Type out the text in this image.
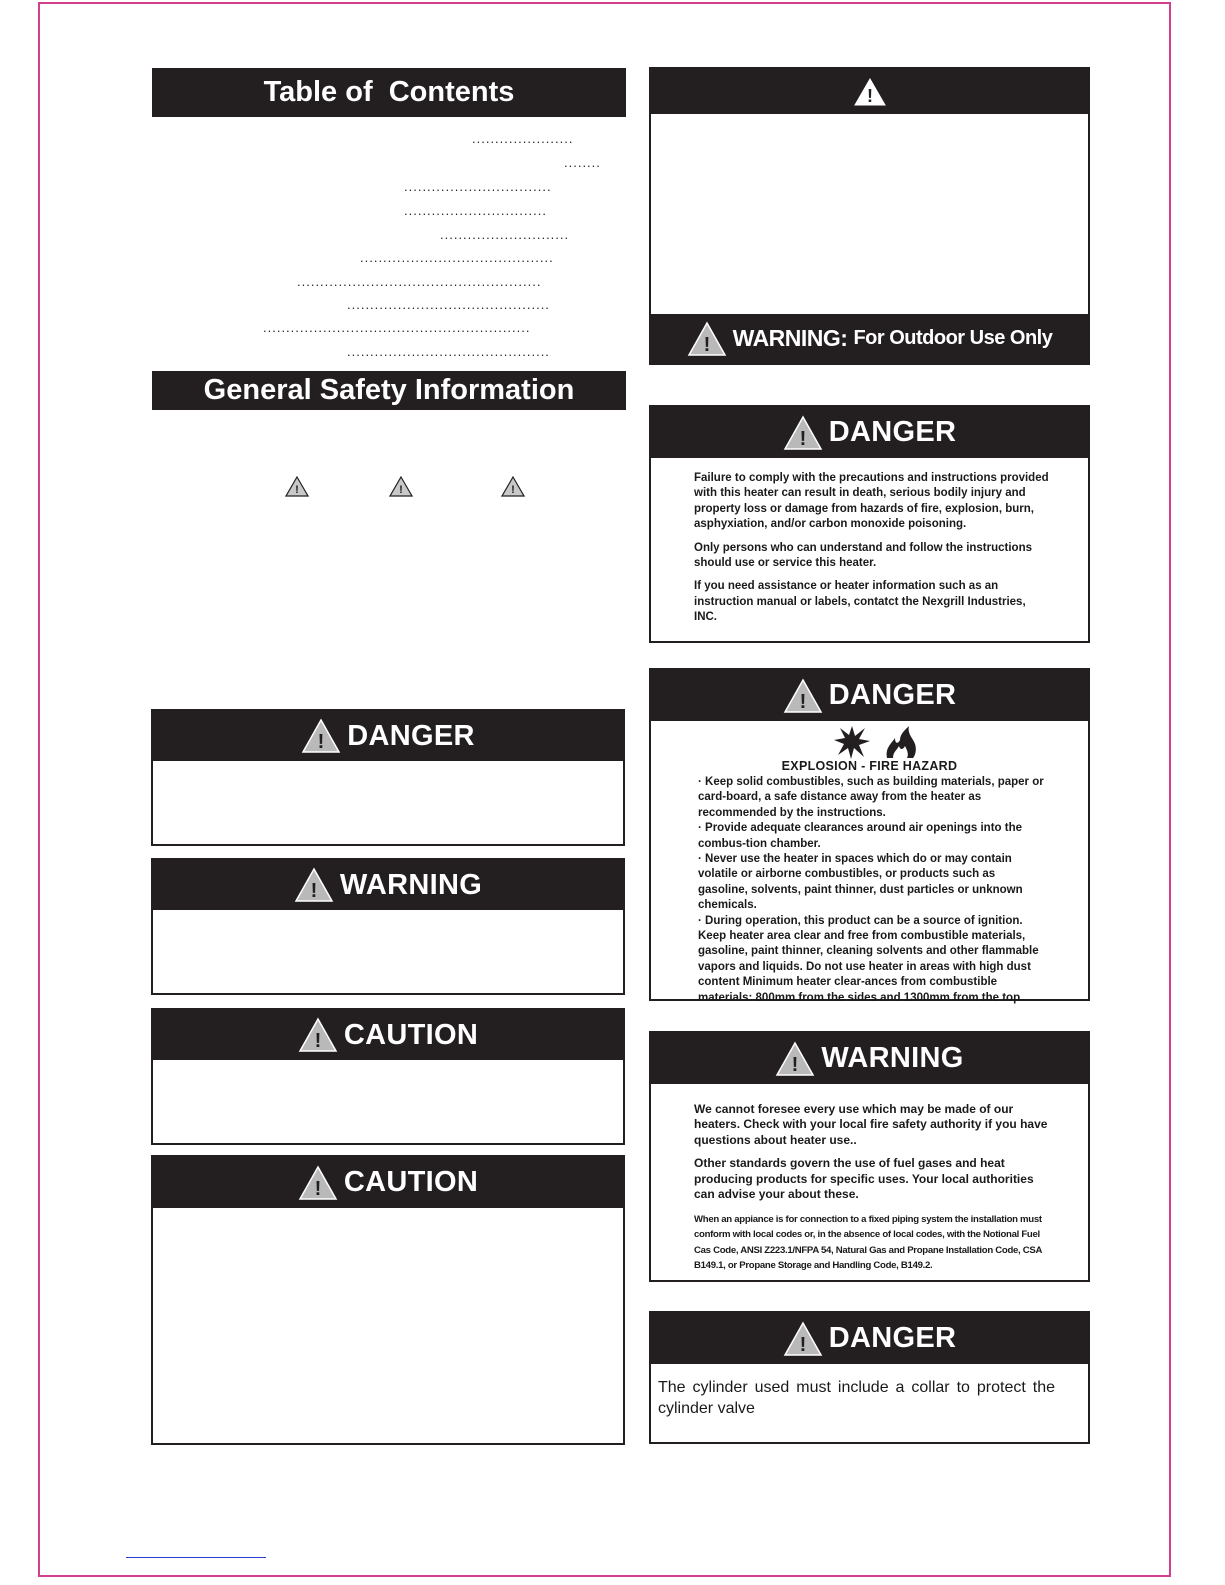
Table of  Contents
......................
........
................................
...............................
............................
..........................................
.....................................................
............................................
..........................................................
............................................
General Safety Information
!	!	!
! DANGER
! WARNING
! CAUTION
! CAUTION
!
! WARNING: For Outdoor Use Only
! DANGER

Failure to comply with the precautions and instructions provided with this heater can result in death, serious bodily injury and property loss or damage from hazards of fire, explosion, burn, asphyxiation, and/or carbon monoxide poisoning.

Only persons who can understand and follow the instructions should use or service this heater.

If you need assistance or heater information such as an instruction manual or labels, contatct the Nexgrill Industries, INC.

! DANGER
EXPLOSION - FIRE HAZARD
· Keep solid combustibles, such as building materials, paper or card-board, a safe distance away from the heater as recommended by the instructions.
· Provide adequate clearances around air openings into the combus-tion chamber.
· Never use the heater in spaces which do or may contain volatile or airborne combustibles, or products such as gasoline, solvents, paint thinner, dust particles or unknown chemicals.
· During operation, this product can be a source of ignition. Keep heater area clear and free from combustible materials, gasoline, paint thinner, cleaning solvents and other flammable vapors and liquids. Do not use heater in areas with high dust content Minimum heater clear-ances from combustible materials: 800mm from the sides and 1300mm from the top.
! WARNING

We cannot foresee every use which may be made of our heaters. Check with your local fire safety authority if you have questions about heater use..

Other standards govern the use of fuel gases and heat producing products for specific uses. Your local authorities can advise your about these.

When an appiance is for connection to a fixed piping system the installation must conform with local codes or, in the absence of local codes, with the Notional Fuel Cas Code, ANSI Z223.1/NFPA 54, Natural Gas and Propane Installation Code, CSA B149.1, or Propane Storage and Handling Code, B149.2.
! DANGER
The cylinder used must include a collar to protect the cylinder valve
